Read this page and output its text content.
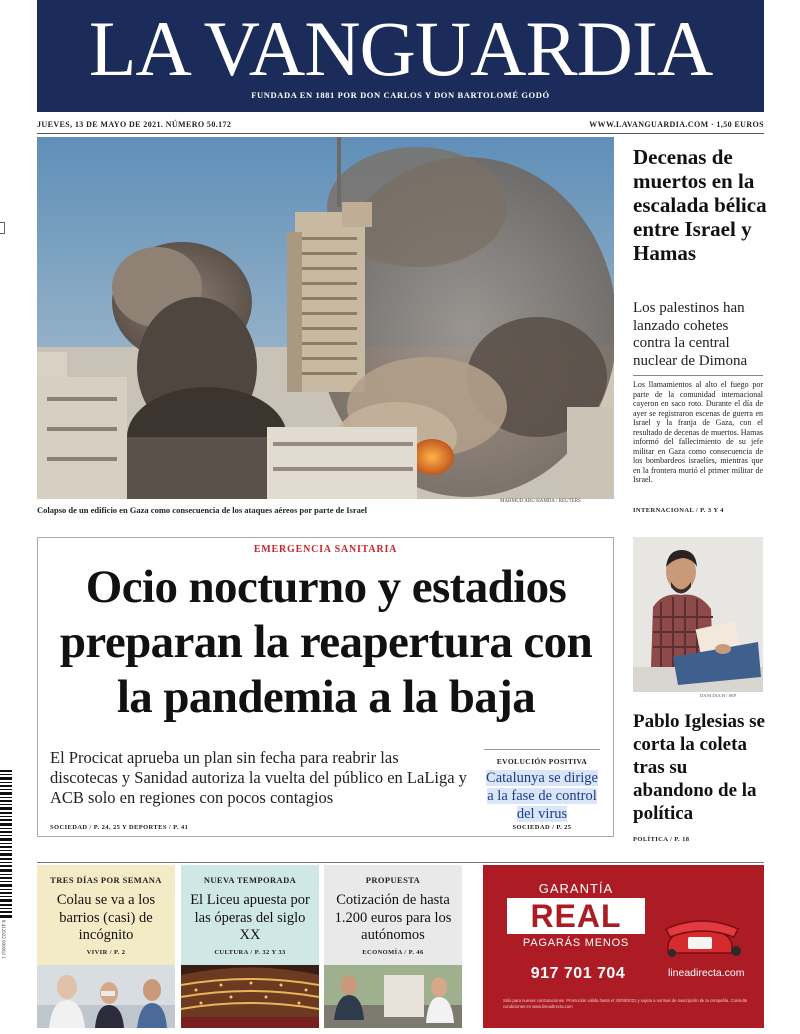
LA VANGUARDIA
FUNDADA EN 1881 POR DON CARLOS Y DON BARTOLOMÉ GODÓ
JUEVES, 13 DE MAYO DE 2021. NÚMERO 50.172	WWW.LAVANGUARDIA.COM · 1,50 EUROS
MAHMUD ABU HAMDA / REUTERS
Colapso de un edificio en Gaza como consecuencia de los ataques aéreos por parte de Israel
Decenas de muertos en la escalada bélica entre Israel y Hamas
Los palestinos han lanzado cohetes contra la central nuclear de Dimona
Los llamamientos al alto el fuego por parte de la comunidad internacional cayeron en saco roto. Durante el día de ayer se registraron escenas de guerra en Israel y la franja de Gaza, con el resultado de decenas de muertos. Hamas informó del fallecimiento de su jefe militar en Gaza como consecuencia de los bombardeos israelíes, mientras que en la frontera murió el primer militar de Israel.
INTERNACIONAL / P. 3 Y 4
EMERGENCIA SANITARIA
Ocio nocturno y estadios preparan la reapertura con la pandemia a la baja
El Procicat aprueba un plan sin fecha para reabrir las discotecas y Sanidad autoriza la vuelta del público en LaLiga y ACB solo en regiones con pocos contagios
SOCIEDAD / P. 24, 25 Y DEPORTES / P. 41
EVOLUCIÓN POSITIVA
Catalunya se dirige a la fase de control del virus
SOCIEDAD / P. 25
DANI DUCH / SEP
Pablo Iglesias se corta la coleta tras su abandono de la política
POLÍTICA / P. 18
TRES DÍAS POR SEMANA
Colau se va a los barrios (casi) de incógnito
VIVIR / P. 2
NUEVA TEMPORADA
El Liceu apuesta por las óperas del siglo XX
CULTURA / P. 32 Y 33
PROPUESTA
Cotización de hasta 1.200 euros para los autónomos
ECONOMÍA / P. 46
GARANTÍA
REAL
PAGARÁS MENOS
917 701 704	lineadirecta.com
Sólo para nuevas contrataciones. Promoción válida hasta el 30/06/2021 y sujeta a normas de suscripción de la compañía. Consulte condiciones en www.lineadirecta.com
8 412922 000002 1
